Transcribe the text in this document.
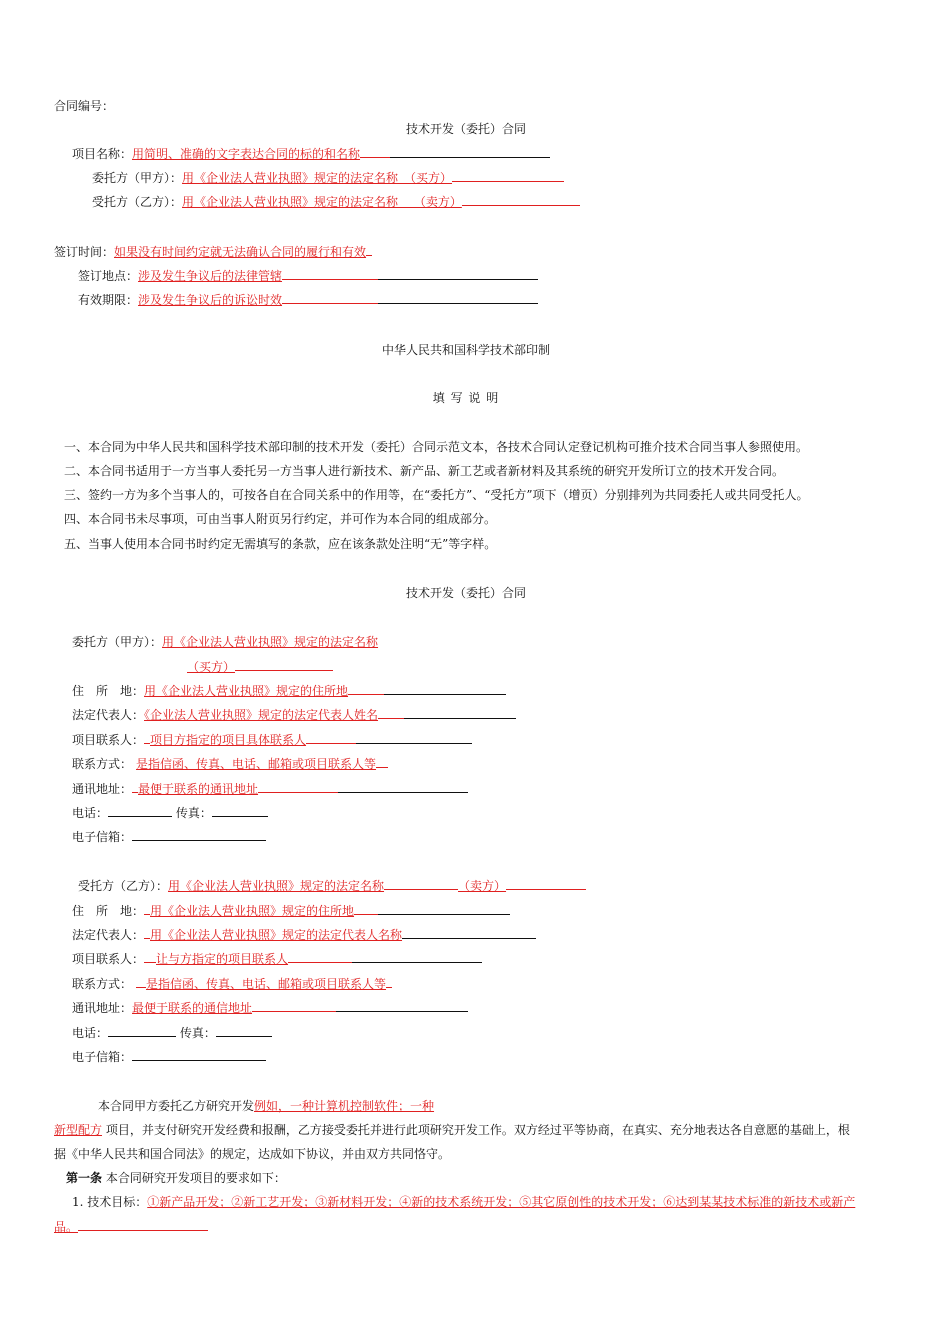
合同编号：
技术开发（委托）合同
项目名称：用简明、准确的文字表达合同的标的和名称
委托方（甲方）：用《企业法人营业执照》规定的法定名称　（买方）
受托方（乙方）：用《企业法人营业执照》规定的法定名称　 （卖方）
签订时间：如果没有时间约定就无法确认合同的履行和有效
签订地点：涉及发生争议后的法律管辖
有效期限：涉及发生争议后的诉讼时效
中华人民共和国科学技术部印制
填 写 说 明
一、本合同为中华人民共和国科学技术部印制的技术开发（委托）合同示范文本，各技术合同认定登记机构可推介技术合同当事人参照使用。
二、本合同书适用于一方当事人委托另一方当事人进行新技术、新产品、新工艺或者新材料及其系统的研究开发所订立的技术开发合同。
三、签约一方为多个当事人的，可按各自在合同关系中的作用等，在“委托方”、“受托方”项下（增页）分别排列为共同委托人或共同受托人。
四、本合同书未尽事项，可由当事人附页另行约定，并可作为本合同的组成部分。
五、当事人使用本合同书时约定无需填写的条款，应在该条款处注明“无”等字样。
技术开发（委托）合同
委托方（甲方）：用《企业法人营业执照》规定的法定名称
（买方）
住　所　地：用《企业法人营业执照》规定的住所地
法定代表人：《企业法人营业执照》规定的法定代表人姓名
项目联系人： 项目方指定的项目具体联系人
联系方式： 是指信函、传真、电话、邮箱或项目联系人等
通讯地址： 最便于联系的通讯地址
电话：	传真：
电子信箱：
受托方（乙方）：用《企业法人营业执照》规定的法定名称	（卖方）
住　所　地： 用《企业法人营业执照》规定的住所地
法定代表人： 用《企业法人营业执照》规定的法定代表人名称
项目联系人： 让与方指定的项目联系人
联系方式： 是指信函、传真、电话、邮箱或项目联系人等
通讯地址：最便于联系的通信地址
电话：	传真：
电子信箱：
本合同甲方委托乙方研究开发例如，一种计算机控制软件；一种
新型配方 项目，并支付研究开发经费和报酬，乙方接受委托并进行此项研究开发工作。双方经过平等协商，在真实、充分地表达各自意愿的基础上，根
据《中华人民共和国合同法》的规定，达成如下协议，并由双方共同恪守。
第一条 本合同研究开发项目的要求如下：
1. 技术目标：①新产品开发；②新工艺开发；③新材料开发；④新的技术系统开发；⑤其它原创性的技术开发；⑥达到某某技术标准的新技术或新产
品。
